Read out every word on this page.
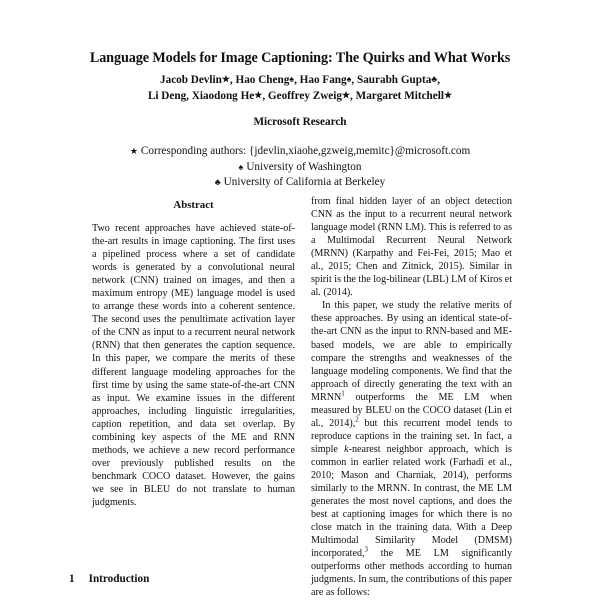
Language Models for Image Captioning: The Quirks and What Works
Jacob Devlin★, Hao Cheng♠, Hao Fang♠, Saurabh Gupta♣,
Li Deng, Xiaodong He★, Geoffrey Zweig★, Margaret Mitchell★
Microsoft Research
★ Corresponding authors: {jdevlin,xiaohe,gzweig,memitc}@microsoft.com
♠ University of Washington
♣ University of California at Berkeley
Abstract

Two recent approaches have achieved state-of-the-art results in image captioning. The first uses a pipelined process where a set of candidate words is generated by a convolutional neural network (CNN) trained on images, and then a maximum entropy (ME) language model is used to arrange these words into a coherent sentence. The second uses the penultimate activation layer of the CNN as input to a recurrent neural network (RNN) that then generates the caption sequence. In this paper, we compare the merits of these different language modeling approaches for the first time by using the same state-of-the-art CNN as input. We examine issues in the different approaches, including linguistic irregularities, caption repetition, and data set overlap. By combining key aspects of the ME and RNN methods, we achieve a new record performance over previously published results on the benchmark COCO dataset. However, the gains we see in BLEU do not translate to human judgments.

1 Introduction

from final hidden layer of an object detection CNN as the input to a recurrent neural network language model (RNN LM). This is referred to as a Multimodal Recurrent Neural Network (MRNN) (Karpathy and Fei-Fei, 2015; Mao et al., 2015; Chen and Zitnick, 2015). Similar in spirit is the the log-bilinear (LBL) LM of Kiros et al. (2014).

In this paper, we study the relative merits of these approaches. By using an identical state-of-the-art CNN as the input to RNN-based and ME-based models, we are able to empirically compare the strengths and weaknesses of the language modeling components. We find that the approach of directly generating the text with an MRNN$^1$ outperforms the ME LM when measured by BLEU on the COCO dataset (Lin et al., 2014),$^2$ but this recurrent model tends to reproduce captions in the training set. In fact, a simple k-nearest neighbor approach, which is common in earlier related work (Farhadi et al., 2010; Mason and Charniak, 2014), performs similarly to the MRNN. In contrast, the ME LM generates the most novel captions, and does the best at captioning images for which there is no close match in the training data. With a Deep Multimodal Similarity Model (DMSM) incorporated,$^3$ the ME LM significantly outperforms other methods according to human judgments. In sum, the contributions of this paper are as follows:
